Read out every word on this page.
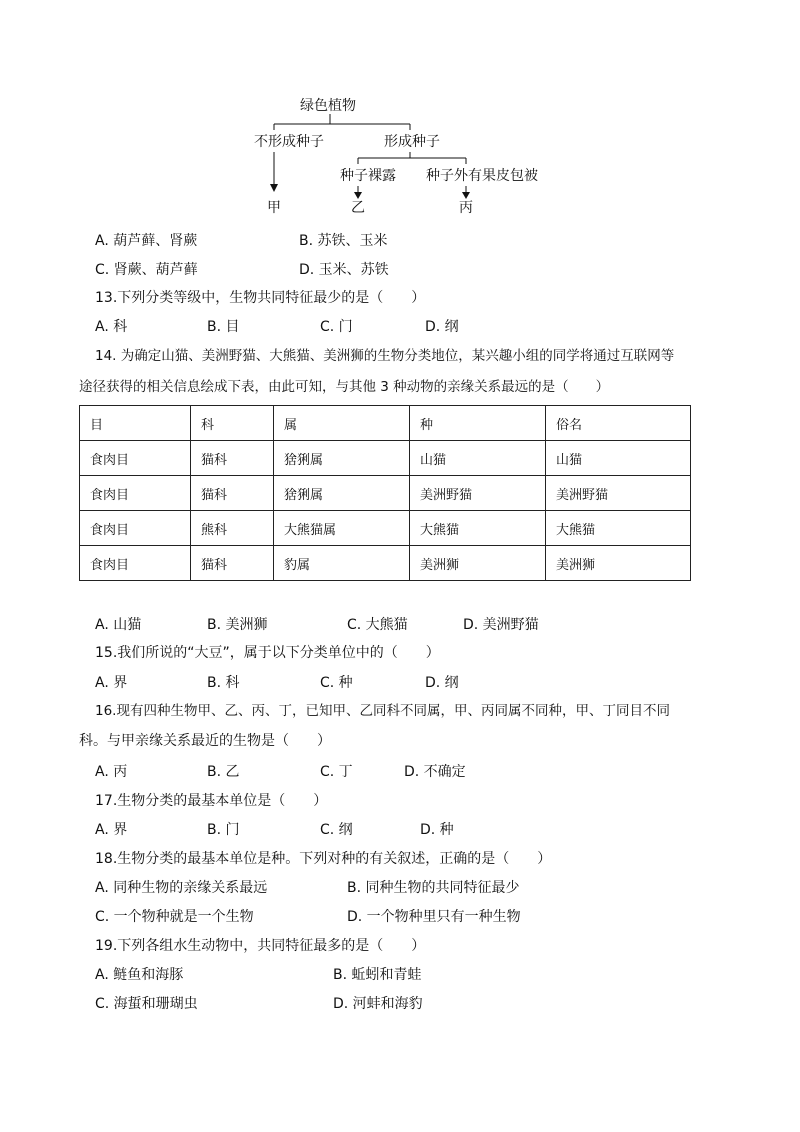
绿色植物
不形成种子	形成种子
种子裸露 种子外有果皮包被
甲	乙	丙
A. 葫芦藓、肾蕨	B. 苏铁、玉米
C. 肾蕨、葫芦藓	D. 玉米、苏铁
13.下列分类等级中，生物共同特征最少的是（　　）
A. 科	B. 目	C. 门	D. 纲
14. 为确定山猫、美洲野猫、大熊猫、美洲狮的生物分类地位，某兴趣小组的同学将通过互联网等
途径获得的相关信息绘成下表，由此可知，与其他 3 种动物的亲缘关系最远的是（　　）
目	科	属	种	俗名
食肉目	猫科	猞猁属	山猫	山猫
食肉目	猫科	猞猁属	美洲野猫	美洲野猫
食肉目	熊科	大熊猫属	大熊猫	大熊猫
食肉目	猫科	豹属	美洲狮	美洲狮
A. 山猫	B. 美洲狮	C. 大熊猫	D. 美洲野猫
15.我们所说的“大豆”，属于以下分类单位中的（　　）
A. 界	B. 科	C. 种	D. 纲
16.现有四种生物甲、乙、丙、丁，已知甲、乙同科不同属，甲、丙同属不同种，甲、丁同目不同
科。与甲亲缘关系最近的生物是（　　）
A. 丙	B. 乙	C. 丁	D. 不确定
17.生物分类的最基本单位是（　　）
A. 界	B. 门	C. 纲	D. 种
18.生物分类的最基本单位是种。下列对种的有关叙述，正确的是（　　）
A. 同种生物的亲缘关系最远	B. 同种生物的共同特征最少
C. 一个物种就是一个生物	D. 一个物种里只有一种生物
19.下列各组水生动物中，共同特征最多的是（　　）
A. 鲢鱼和海豚	B. 蚯蚓和青蛙
C. 海蜇和珊瑚虫	D. 河蚌和海豹
